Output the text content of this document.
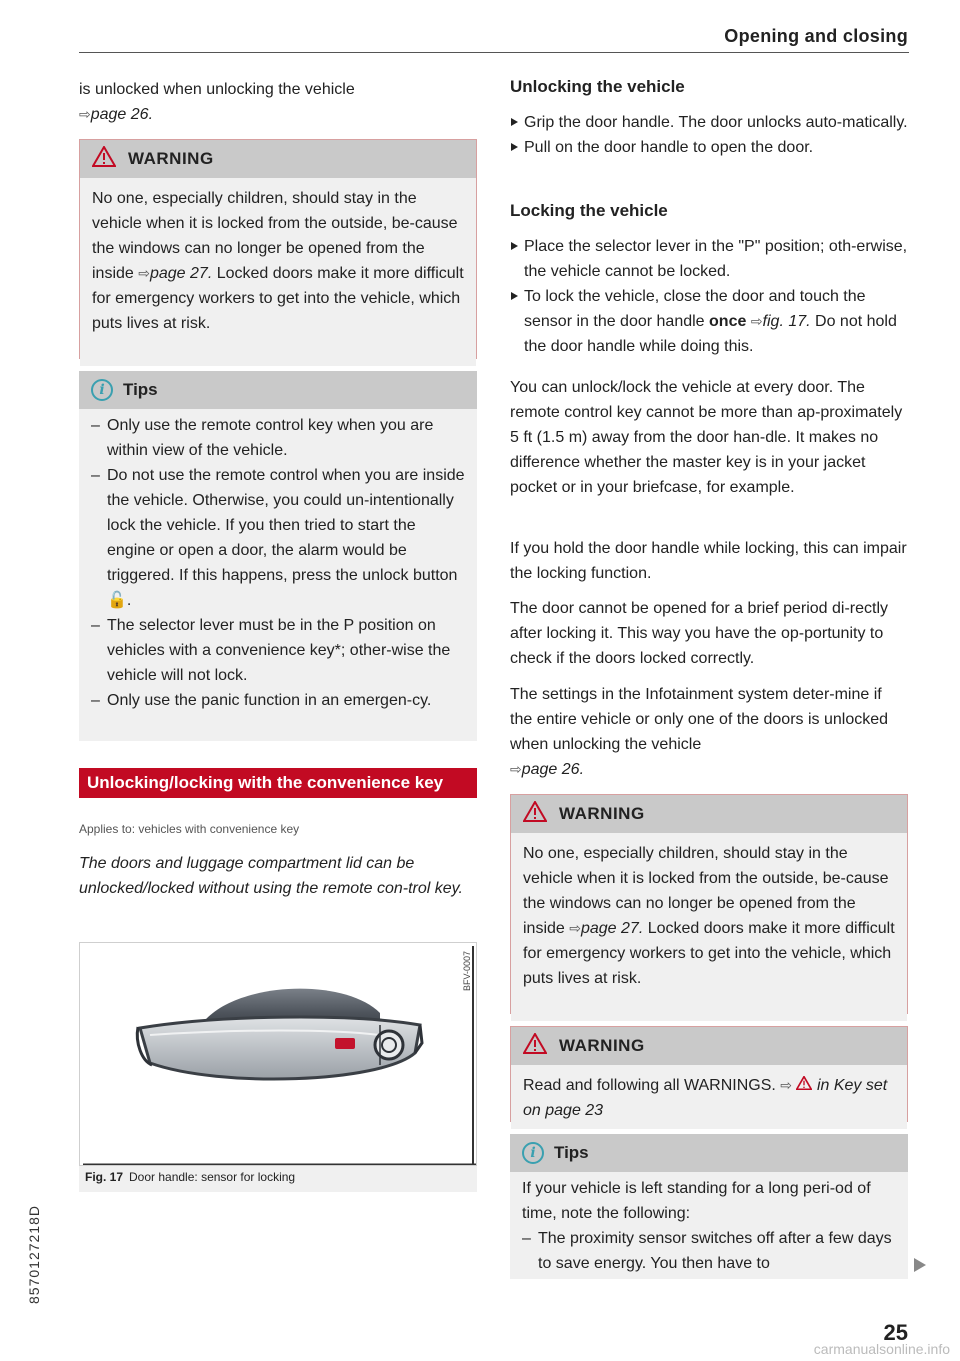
Opening and closing
is unlocked when unlocking the vehicle
⇨page 26.
WARNING
No one, especially children, should stay in the vehicle when it is locked from the outside, be-cause the windows can no longer be opened from the inside ⇨page 27. Locked doors make it more difficult for emergency workers to get into the vehicle, which puts lives at risk.
i	Tips
– Only use the remote control key when you are within view of the vehicle.
– Do not use the remote control when you are inside the vehicle. Otherwise, you could un-intentionally lock the vehicle. If you then tried to start the engine or open a door, the alarm would be triggered. If this happens, press the unlock button 🔓.
– The selector lever must be in the P position on vehicles with a convenience key*; other-wise the vehicle will not lock.
– Only use the panic function in an emergen-cy.
Unlocking/locking with the convenience key
Applies to: vehicles with convenience key
The doors and luggage compartment lid can be unlocked/locked without using the remote con-trol key.
BFV-0007
Fig. 17 Door handle: sensor for locking
Unlocking the vehicle
Grip the door handle. The door unlocks auto-matically.
Pull on the door handle to open the door.
Locking the vehicle
Place the selector lever in the "P" position; oth-erwise, the vehicle cannot be locked.
To lock the vehicle, close the door and touch the sensor in the door handle once ⇨fig. 17. Do not hold the door handle while doing this.
You can unlock/lock the vehicle at every door. The remote control key cannot be more than ap-proximately 5 ft (1.5 m) away from the door han-dle. It makes no difference whether the master key is in your jacket pocket or in your briefcase, for example.
If you hold the door handle while locking, this can impair the locking function.
The door cannot be opened for a brief period di-rectly after locking it. This way you have the op-portunity to check if the doors locked correctly.
The settings in the Infotainment system deter-mine if the entire vehicle or only one of the doors is unlocked when unlocking the vehicle
⇨page 26.
WARNING
No one, especially children, should stay in the vehicle when it is locked from the outside, be-cause the windows can no longer be opened from the inside ⇨page 27. Locked doors make it more difficult for emergency workers to get into the vehicle, which puts lives at risk.
WARNING
Read and following all WARNINGS. ⇨ in Key set on page 23
i	Tips
If your vehicle is left standing for a long peri-od of time, note the following:
– The proximity sensor switches off after a few days to save energy. You then have to
8570127218D
25
carmanualsonline.info
